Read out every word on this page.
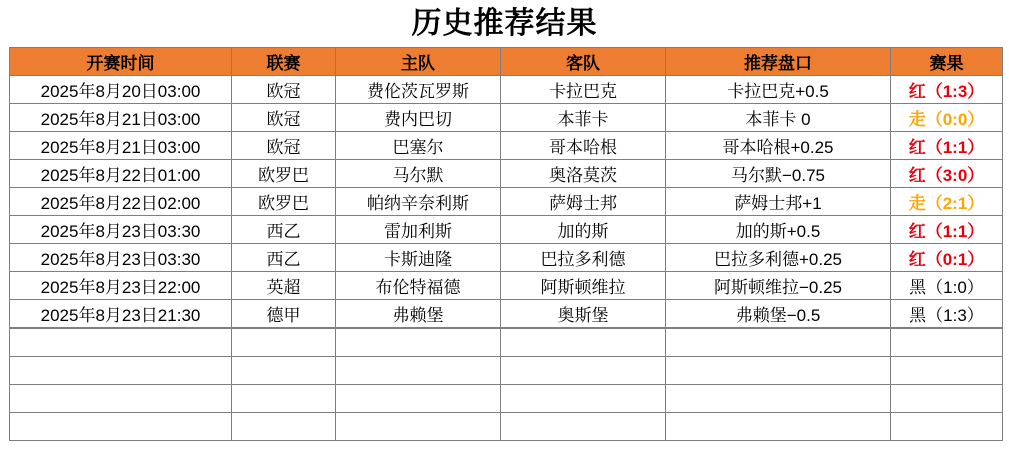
历史推荐结果
开赛时间	联赛	主队	客队	推荐盘口	赛果
2025年8月20日03:00	欧冠	费伦茨瓦罗斯	卡拉巴克	卡拉巴克+0.5	红（1:3）
2025年8月21日03:00	欧冠	费内巴切	本菲卡	本菲卡 0	走（0:0）
2025年8月21日03:00	欧冠	巴塞尔	哥本哈根	哥本哈根+0.25	红（1:1）
2025年8月22日01:00	欧罗巴	马尔默	奥洛莫茨	马尔默−0.75	红（3:0）
2025年8月22日02:00	欧罗巴	帕纳辛奈利斯	萨姆士邦	萨姆士邦+1	走（2:1）
2025年8月23日03:30	西乙	雷加利斯	加的斯	加的斯+0.5	红（1:1）
2025年8月23日03:30	西乙	卡斯迪隆	巴拉多利德	巴拉多利德+0.25	红（0:1）
2025年8月23日22:00	英超	布伦特福德	阿斯顿维拉	阿斯顿维拉−0.25	黑（1:0）
2025年8月23日21:30	德甲	弗赖堡	奥斯堡	弗赖堡−0.5	黑（1:3）
